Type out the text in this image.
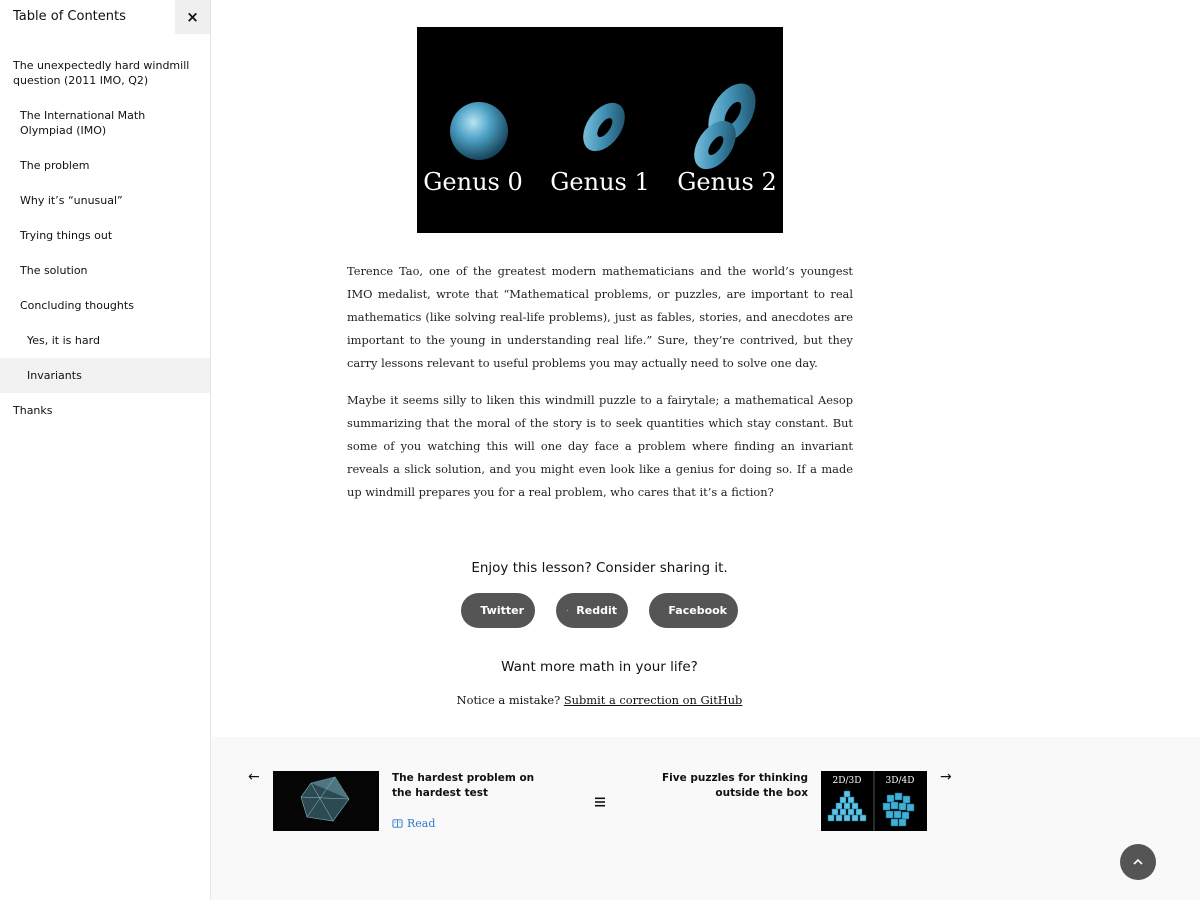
Table of Contents	×
The unexpectedly hard windmill question (2011 IMO, Q2)
The International Math Olympiad (IMO)
The problem
Why it’s “unusual”
Trying things out
The solution
Concluding thoughts
Yes, it is hard
Invariants
Thanks
Genus 0 Genus 1 Genus 2

Terence Tao, one of the greatest modern mathematicians and the world’s youngest IMO medalist, wrote that “Mathematical problems, or puzzles, are important to real mathematics (like solving real-life problems), just as fables, stories, and anecdotes are important to the young in understanding real life.” Sure, they’re contrived, but they carry lessons relevant to useful problems you may actually need to solve one day.

Maybe it seems silly to liken this windmill puzzle to a fairytale; a mathematical Aesop summarizing that the moral of the story is to seek quantities which stay constant. But some of you watching this will one day face a problem where finding an invariant reveals a slick solution, and you might even look like a genius for doing so. If a made up windmill prepares you for a real problem, who cares that it’s a fiction?

Enjoy this lesson? Consider sharing it.
Twitter	Reddit	Facebook
Want more math in your life?
Notice a mistake? Submit a correction on GitHub
←	The hardest problem on the hardest test
Read
Five puzzles for thinking outside the box
2D/3D	3D/4D →
